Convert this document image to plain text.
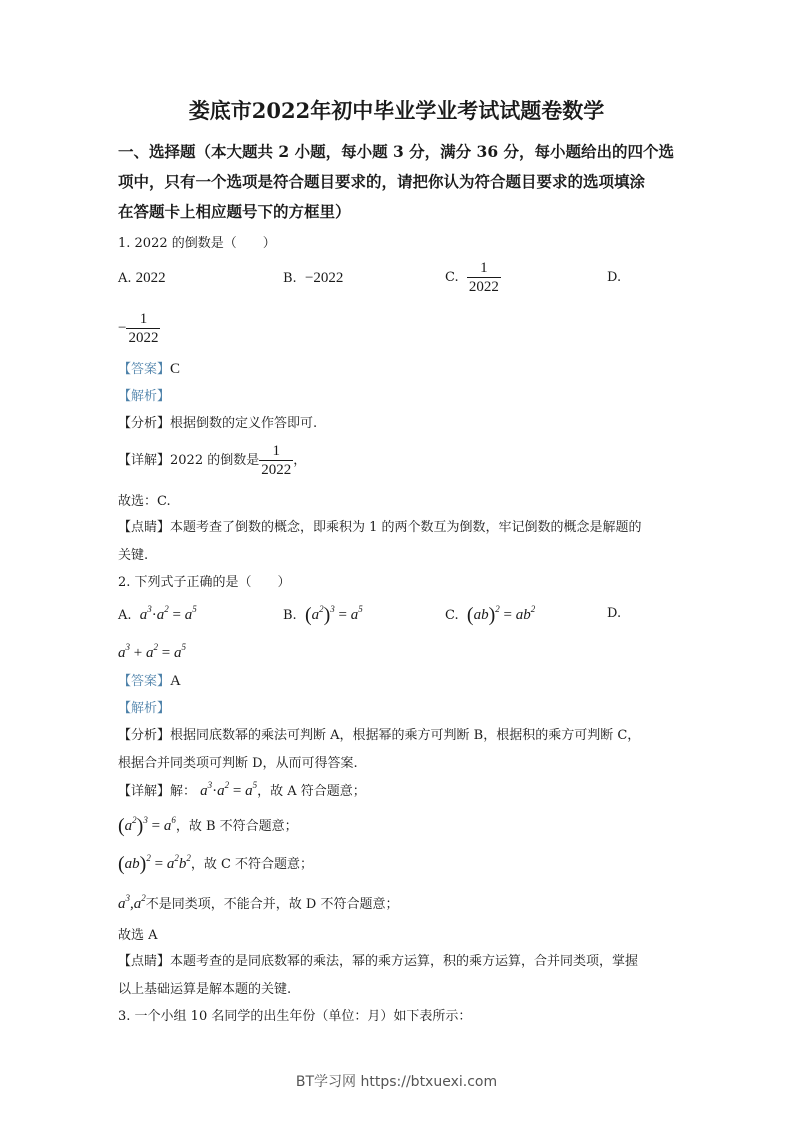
娄底市2022年初中毕业学业考试试题卷数学
一、选择题（本大题共 2 小题，每小题 3 分，满分 36 分，每小题给出的四个选
项中，只有一个选项是符合题目要求的，请把你认为符合题目要求的选项填涂
在答题卡上相应题号下的方框里）
1. 2022 的倒数是（　　）
A. 2022	B. −2022	C. $\frac{1}{2022}$	D.
− $\frac{1}{2022}$
【答案】C
【解析】
【分析】根据倒数的定义作答即可.
【详解】2022 的倒数是 $\frac{1}{2022}$ ，
故选：C.
【点睛】本题考查了倒数的概念，即乘积为 1 的两个数互为倒数，牢记倒数的概念是解题的
关键.
2. 下列式子正确的是（　　）
A. $a^3\cdot a^2 = a^5$	B. $(a^2)^3 = a^5$	C. $(ab)^2 = ab^2$	D.
$a^3 + a^2 = a^5$
【答案】A
【解析】
【分析】根据同底数幂的乘法可判断 A，根据幂的乘方可判断 B，根据积的乘方可判断 C，
根据合并同类项可判断 D，从而可得答案.
【详解】解： $a^3\cdot a^2 = a^5$，故 A 符合题意；
$(a^2)^3 = a^6$，故 B 不符合题意；
$(ab)^2 = a^2b^2$，故 C 不符合题意；
$a^3,a^2$不是同类项，不能合并，故 D 不符合题意；
故选 A
【点睛】本题考查的是同底数幂的乘法，幂的乘方运算，积的乘方运算，合并同类项，掌握
以上基础运算是解本题的关键.
3. 一个小组 10 名同学的出生年份（单位：月）如下表所示：
BT学习网 https://btxuexi.com
